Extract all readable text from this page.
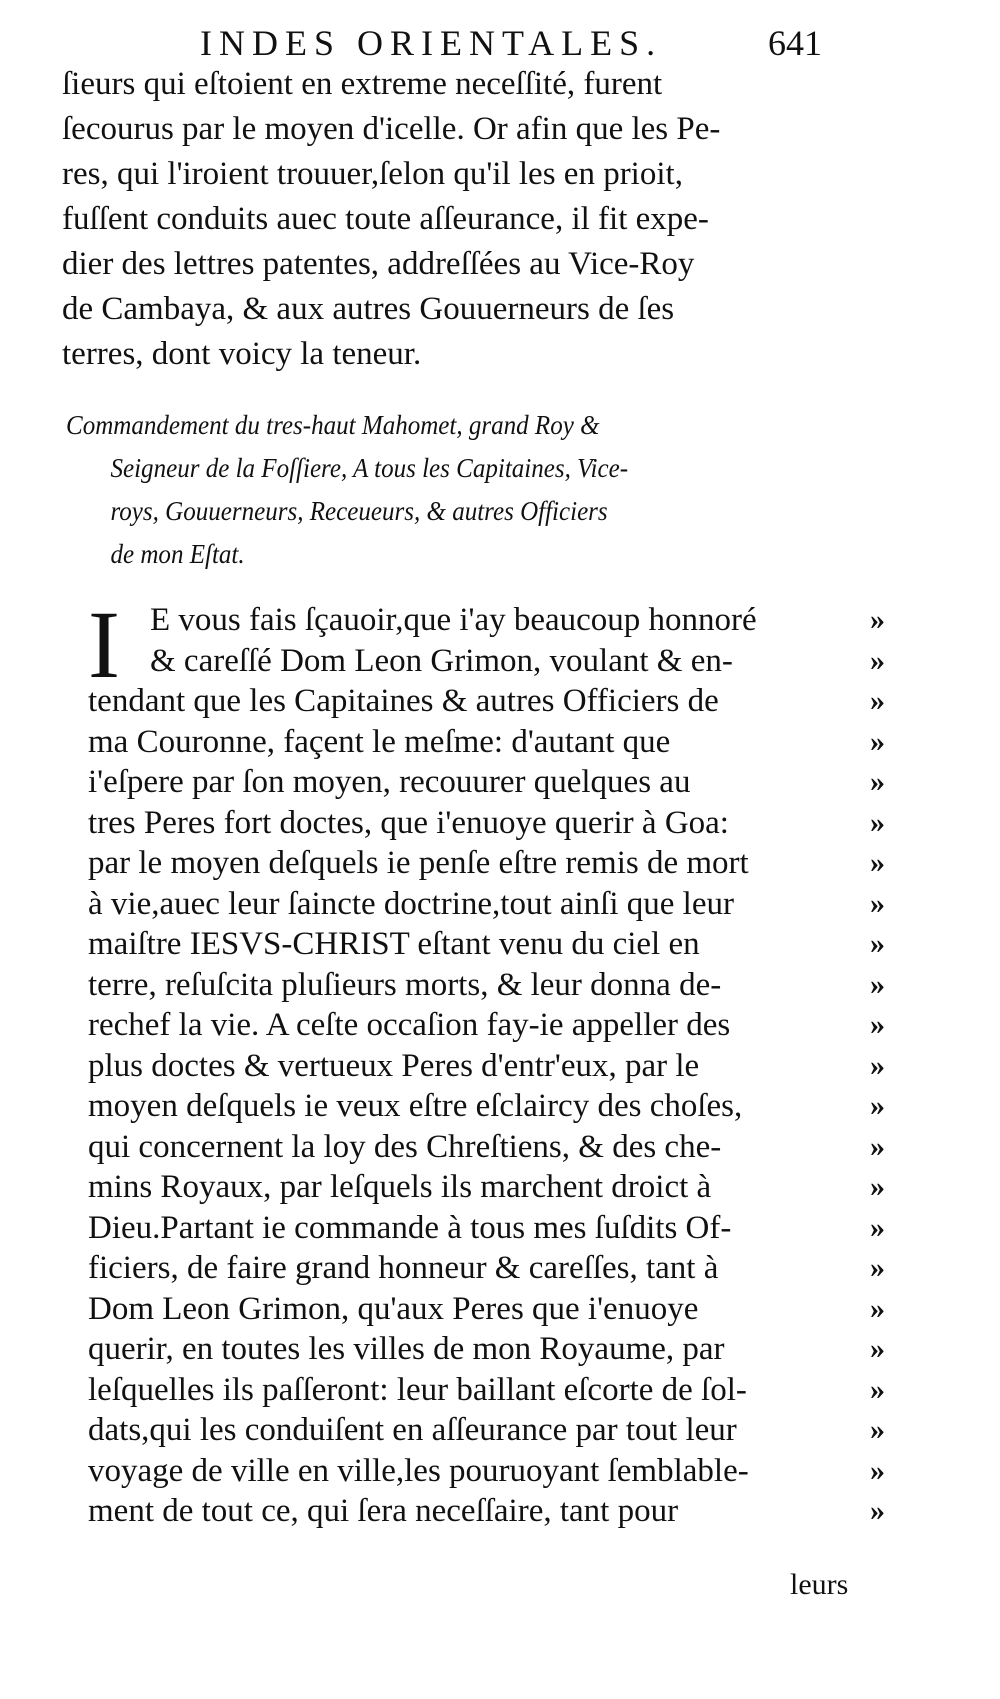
INDES ORIENTALES.	641
ſieurs qui eſtoient en extreme neceſſité, furent
ſecourus par le moyen d'icelle. Or afin que les Pe-
res, qui l'iroient trouuer,ſelon qu'il les en prioit,
fuſſent conduits auec toute aſſeurance, il fit expe-
dier des lettres patentes, addreſſées au Vice-Roy
de Cambaya, & aux autres Gouuerneurs de ſes
terres, dont voicy la teneur.
Commandement du tres-haut Mahomet, grand Roy &
Seigneur de la Foſſiere, A tous les Capitaines, Vice-
roys, Gouuerneurs, Receueurs, & autres Officiers
de mon Eſtat.
I E vous fais ſçauoir,que i'ay beaucoup honnoré	»
& careſſé Dom Leon Grimon, voulant & en-	»
tendant que les Capitaines & autres Officiers de	»
ma Couronne, façent le meſme: d'autant que	»
i'eſpere par ſon moyen, recouurer quelques au	»
tres Peres fort doctes, que i'enuoye querir à Goa:	»
par le moyen deſquels ie penſe eſtre remis de mort	»
à vie,auec leur ſaincte doctrine,tout ainſi que leur	»
maiſtre IESVS-CHRIST eſtant venu du ciel en	»
terre, reſuſcita pluſieurs morts, & leur donna de-	»
rechef la vie. A ceſte occaſion fay-ie appeller des	»
plus doctes & vertueux Peres d'entr'eux, par le	»
moyen deſquels ie veux eſtre eſclaircy des choſes,	»
qui concernent la loy des Chreſtiens, & des che-	»
mins Royaux, par leſquels ils marchent droict à	»
Dieu.Partant ie commande à tous mes ſuſdits Of-	»
ficiers, de faire grand honneur & careſſes, tant à	»
Dom Leon Grimon, qu'aux Peres que i'enuoye	»
querir, en toutes les villes de mon Royaume, par	»
leſquelles ils paſſeront: leur baillant eſcorte de ſol-	»
dats,qui les conduiſent en aſſeurance par tout leur	»
voyage de ville en ville,les pouruoyant ſemblable-	»
ment de tout ce, qui ſera neceſſaire, tant pour	»
leurs
